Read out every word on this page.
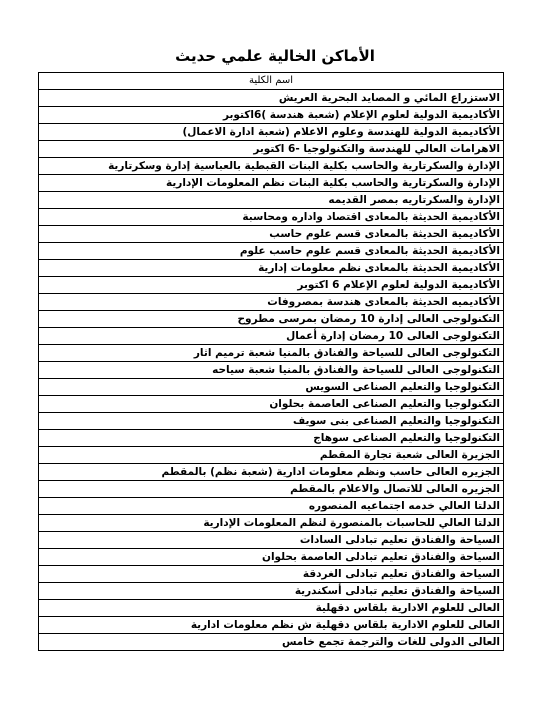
الأماكن الخالية علمي حديث
اسم الكلية
الاستزراع المائي و المصايد البحرية العريش
الأكاديمية الدولية لعلوم الإعلام (شعبة هندسة )6اكتوبر
الأكاديمية الدولية للهندسة وعلوم الاعلام (شعبة ادارة الاعمال)
الاهرامات العالي للهندسة والتكنولوجيا -6 اكتوبر
الإدارة والسكرتارية والحاسب بكلية البنات القبطية بالعباسية إدارة وسكرتارية
الإدارة والسكرتارية والحاسب بكلية البنات نظم المعلومات الإدارية
الإدارة والسكرتاريه بمصر القديمه
الأكاديمية الحديثة بالمعادى اقتصاد واداره ومحاسبة
الأكاديمية الحديثة بالمعادى قسم علوم حاسب
الأكاديمية الحديثة بالمعادى قسم علوم حاسب علوم
الأكاديمية الحديثة بالمعادى نظم معلومات إدارية
الأكاديمية الدولية لعلوم الإعلام 6 اكتوبر
الأكاديميه الحديثة بالمعادى هندسة بمصروفات
التكنولوجى العالى إدارة 10 رمضان بمرسى مطروح
التكنولوجى العالى 10 رمضان إدارة أعمال
التكنولوجى العالى للسياحة والفنادق بالمنيا شعبة ترميم اثار
التكنولوجى العالى للسياحة والفنادق بالمنيا شعبة سياحه
التكنولوجيا والتعليم الصناعى السويس
التكنولوجيا والتعليم الصناعى العاصمة بحلوان
التكنولوجيا والتعليم الصناعى بنى سويف
التكنولوجيا والتعليم الصناعى سوهاج
الجزيرة العالى شعبة تجارة المقطم
الجزيره العالى حاسب ونظم معلومات ادارية (شعبة نظم) بالمقطم
الجزيره العالى للاتصال والاعلام بالمقطم
الدلتا العالي خدمه اجتماعيه المنصوره
الدلتا العالي للحاسبات بالمنصورة لنظم المعلومات الإدارية
السياحة والفنادق تعليم تبادلى السادات
السياحة والفنادق تعليم تبادلى العاصمة بحلوان
السياحة والفنادق تعليم تبادلى الغردقة
السياحة والفنادق تعليم تبادلى أسكندرية
العالى للعلوم الادارية بلقاس دقهلية
العالى للعلوم الادارية بلقاس دقهلية ش نظم معلومات ادارية
العالى الدولى للغات والترجمة تجمع خامس
